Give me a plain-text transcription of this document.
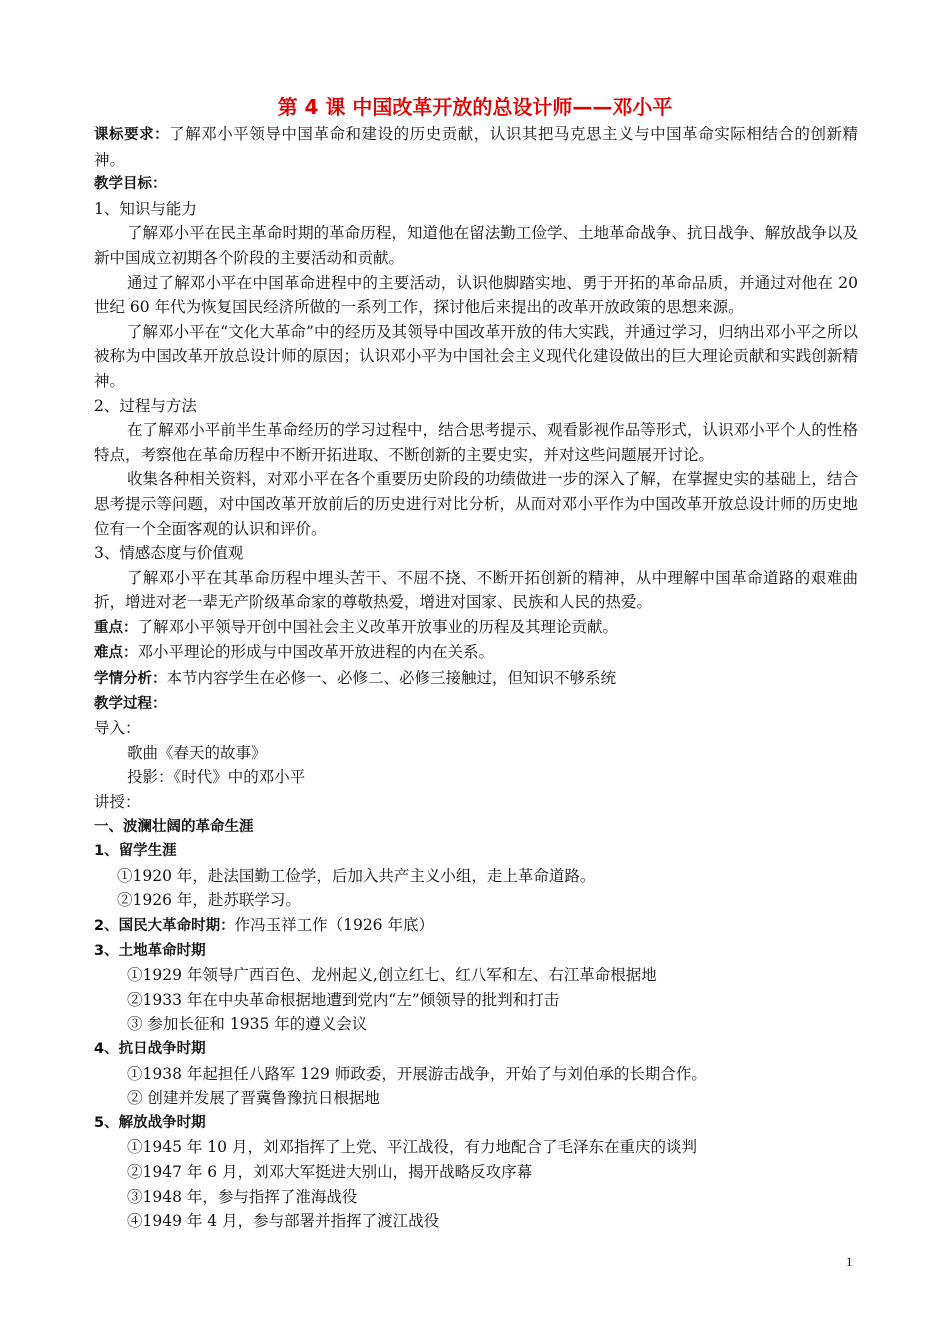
第 4 课 中国改革开放的总设计师——邓小平

课标要求：了解邓小平领导中国革命和建设的历史贡献，认识其把马克思主义与中国革命实际相结合的创新精神。

教学目标：

1、知识与能力

了解邓小平在民主革命时期的革命历程，知道他在留法勤工俭学、土地革命战争、抗日战争、解放战争以及新中国成立初期各个阶段的主要活动和贡献。

通过了解邓小平在中国革命进程中的主要活动，认识他脚踏实地、勇于开拓的革命品质，并通过对他在 20 世纪 60 年代为恢复国民经济所做的一系列工作，探讨他后来提出的改革开放政策的思想来源。

了解邓小平在“文化大革命”中的经历及其领导中国改革开放的伟大实践，并通过学习，归纳出邓小平之所以被称为中国改革开放总设计师的原因；认识邓小平为中国社会主义现代化建设做出的巨大理论贡献和实践创新精神。

2、过程与方法

在了解邓小平前半生革命经历的学习过程中，结合思考提示、观看影视作品等形式，认识邓小平个人的性格特点，考察他在革命历程中不断开拓进取、不断创新的主要史实，并对这些问题展开讨论。

收集各种相关资料，对邓小平在各个重要历史阶段的功绩做进一步的深入了解，在掌握史实的基础上，结合思考提示等问题，对中国改革开放前后的历史进行对比分析，从而对邓小平作为中国改革开放总设计师的历史地位有一个全面客观的认识和评价。

3、情感态度与价值观

了解邓小平在其革命历程中埋头苦干、不屈不挠、不断开拓创新的精神，从中理解中国革命道路的艰难曲折，增进对老一辈无产阶级革命家的尊敬热爱，增进对国家、民族和人民的热爱。

重点：了解邓小平领导开创中国社会主义改革开放事业的历程及其理论贡献。

难点：邓小平理论的形成与中国改革开放进程的内在关系。

学情分析：本节内容学生在必修一、必修二、必修三接触过，但知识不够系统

教学过程：

导入：

歌曲《春天的故事》

投影：《时代》中的邓小平

讲授：

一、波澜壮阔的革命生涯

1、留学生涯

①1920 年，赴法国勤工俭学，后加入共产主义小组，走上革命道路。

②1926 年，赴苏联学习。

2、国民大革命时期：作冯玉祥工作（1926 年底）

3、土地革命时期

①1929 年领导广西百色、龙州起义,创立红七、红八军和左、右江革命根据地

②1933 年在中央革命根据地遭到党内“左”倾领导的批判和打击

③ 参加长征和 1935 年的遵义会议

4、抗日战争时期

①1938 年起担任八路军 129 师政委，开展游击战争，开始了与刘伯承的长期合作。

② 创建并发展了晋冀鲁豫抗日根据地

5、解放战争时期

①1945 年 10 月，刘邓指挥了上党、平江战役，有力地配合了毛泽东在重庆的谈判

②1947 年 6 月，刘邓大军挺进大别山，揭开战略反攻序幕

③1948 年，参与指挥了淮海战役

④1949 年 4 月，参与部署并指挥了渡江战役

1
